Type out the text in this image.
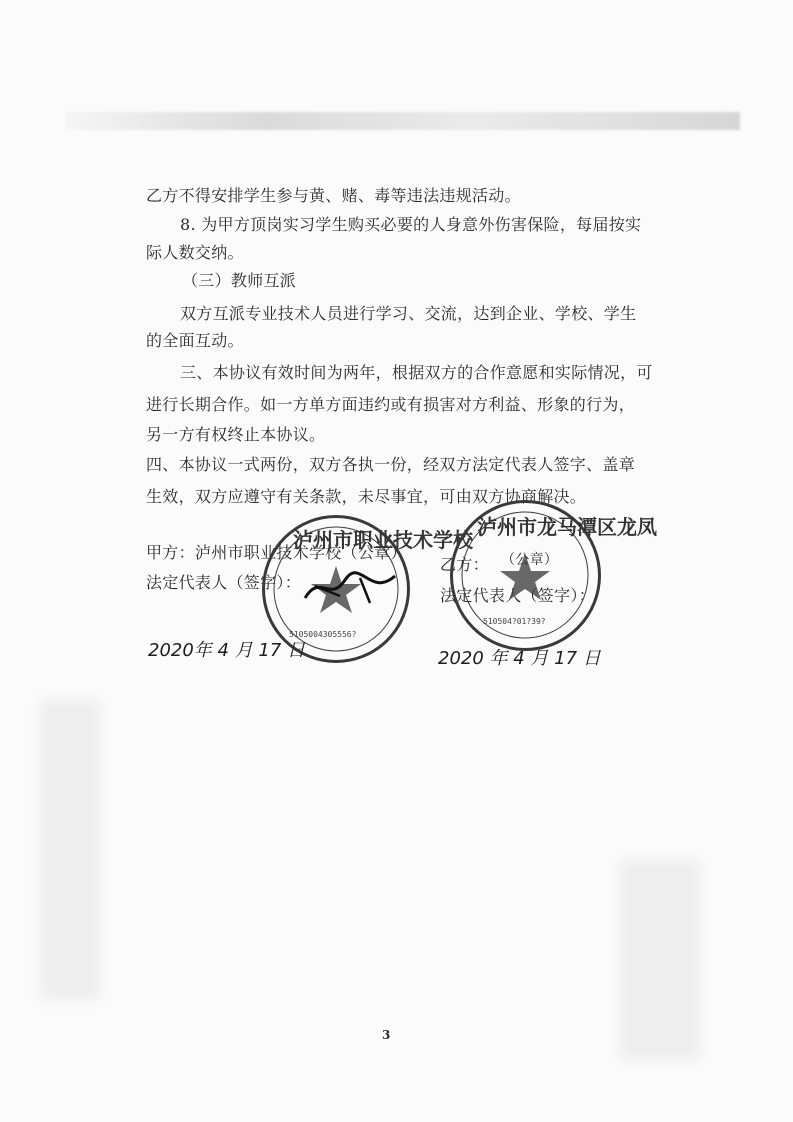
乙方不得安排学生参与黄、赌、毒等违法违规活动。
8. 为甲方顶岗实习学生购买必要的人身意外伤害保险，每届按实
际人数交纳。
（三）教师互派
双方互派专业技术人员进行学习、交流，达到企业、学校、学生
的全面互动。
三、本协议有效时间为两年，根据双方的合作意愿和实际情况，可
进行长期合作。如一方单方面违约或有损害对方利益、形象的行为，
另一方有权终止本协议。
四、本协议一式两份，双方各执一份，经双方法定代表人签字、盖章
生效，双方应遵守有关条款，未尽事宜，可由双方协商解决。
甲方：泸州市职业技术学校（公章）
法定代表人（签字）：
泸州市职业技术学校
5105004305556?
2020年 4 月 17 日
乙方：
法定代表人（签字）：
泸州市龙马潭区龙凤
（公章）
510504?01?39?
2020 年 4 月 17 日
3
